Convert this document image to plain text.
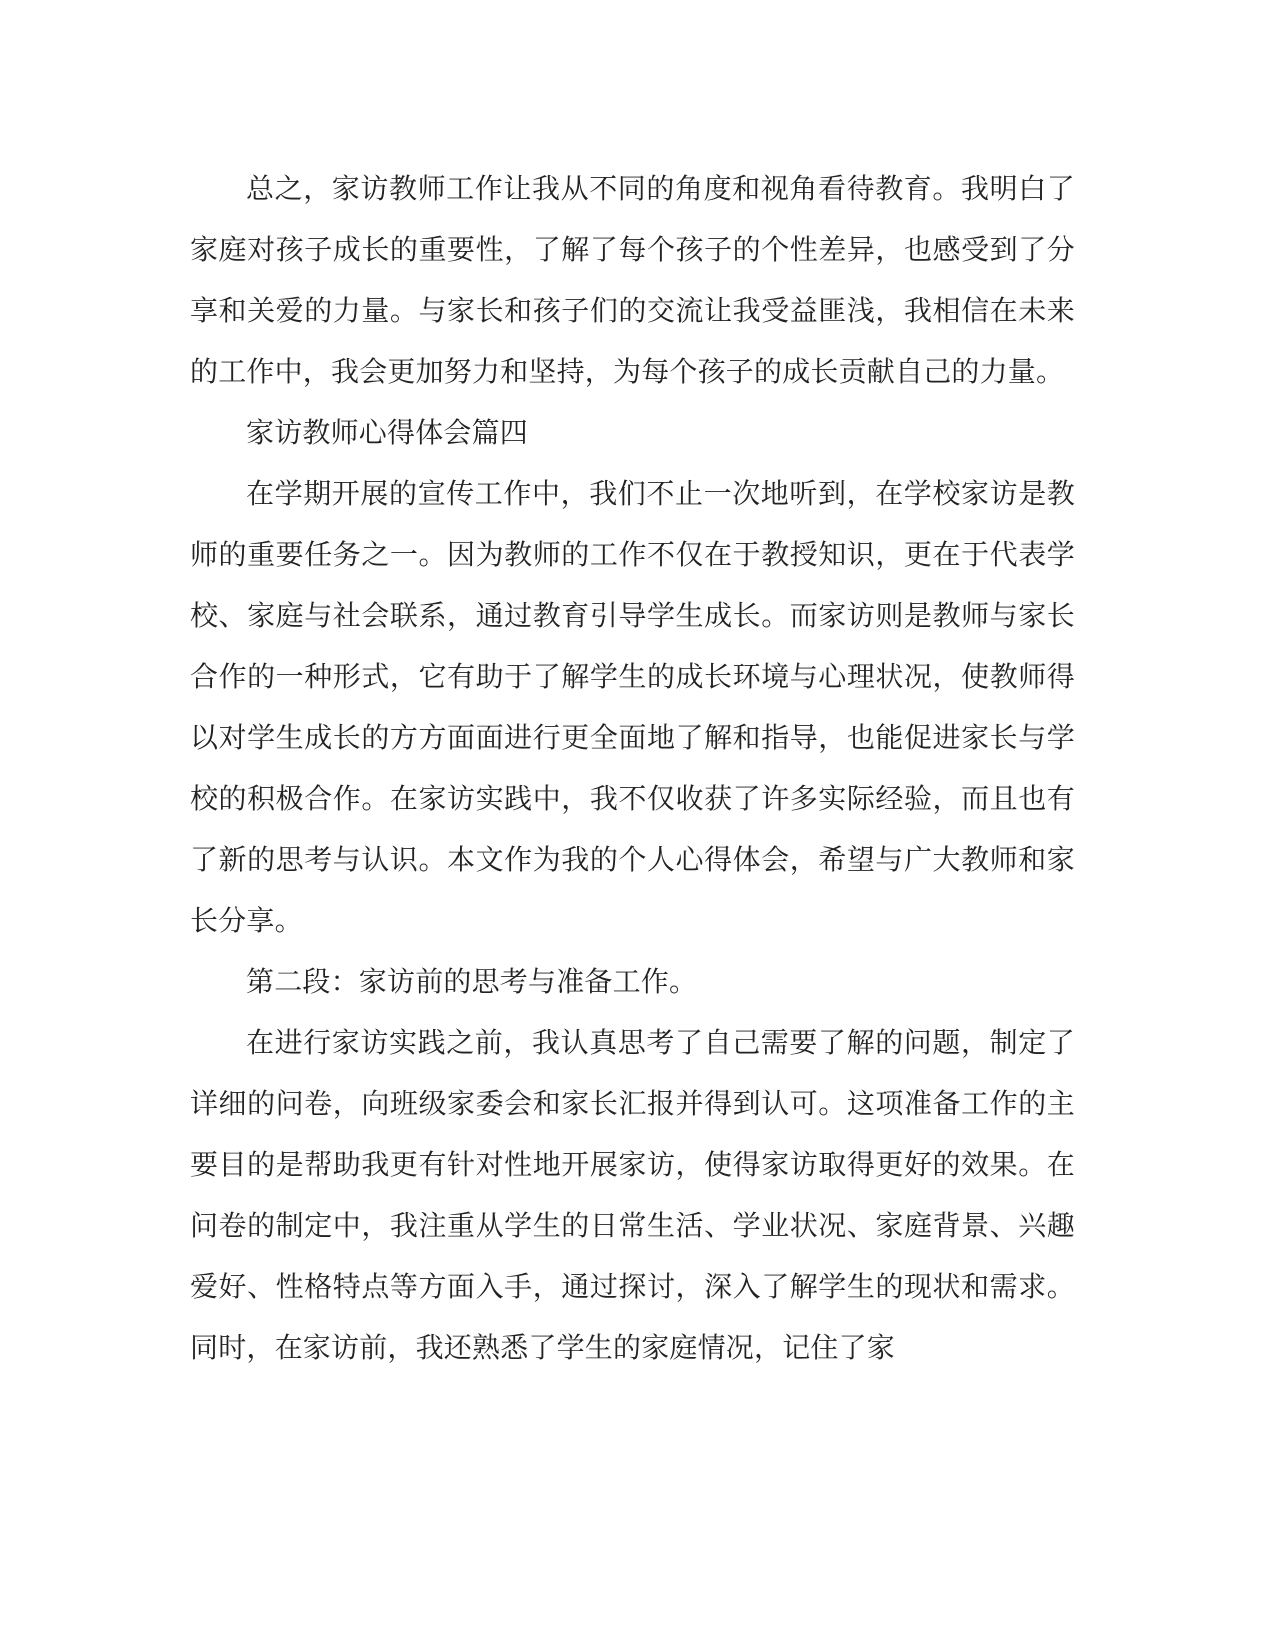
总之，家访教师工作让我从不同的角度和视角看待教育。我明白了家庭对孩子成长的重要性，了解了每个孩子的个性差异，也感受到了分享和关爱的力量。与家长和孩子们的交流让我受益匪浅，我相信在未来的工作中，我会更加努力和坚持，为每个孩子的成长贡献自己的力量。

家访教师心得体会篇四

在学期开展的宣传工作中，我们不止一次地听到，在学校家访是教师的重要任务之一。因为教师的工作不仅在于教授知识，更在于代表学校、家庭与社会联系，通过教育引导学生成长。而家访则是教师与家长合作的一种形式，它有助于了解学生的成长环境与心理状况，使教师得以对学生成长的方方面面进行更全面地了解和指导，也能促进家长与学校的积极合作。在家访实践中，我不仅收获了许多实际经验，而且也有了新的思考与认识。本文作为我的个人心得体会，希望与广大教师和家长分享。

第二段：家访前的思考与准备工作。

在进行家访实践之前，我认真思考了自己需要了解的问题，制定了详细的问卷，向班级家委会和家长汇报并得到认可。这项准备工作的主要目的是帮助我更有针对性地开展家访，使得家访取得更好的效果。在问卷的制定中，我注重从学生的日常生活、学业状况、家庭背景、兴趣爱好、性格特点等方面入手，通过探讨，深入了解学生的现状和需求。同时，在家访前，我还熟悉了学生的家庭情况，记住了家
